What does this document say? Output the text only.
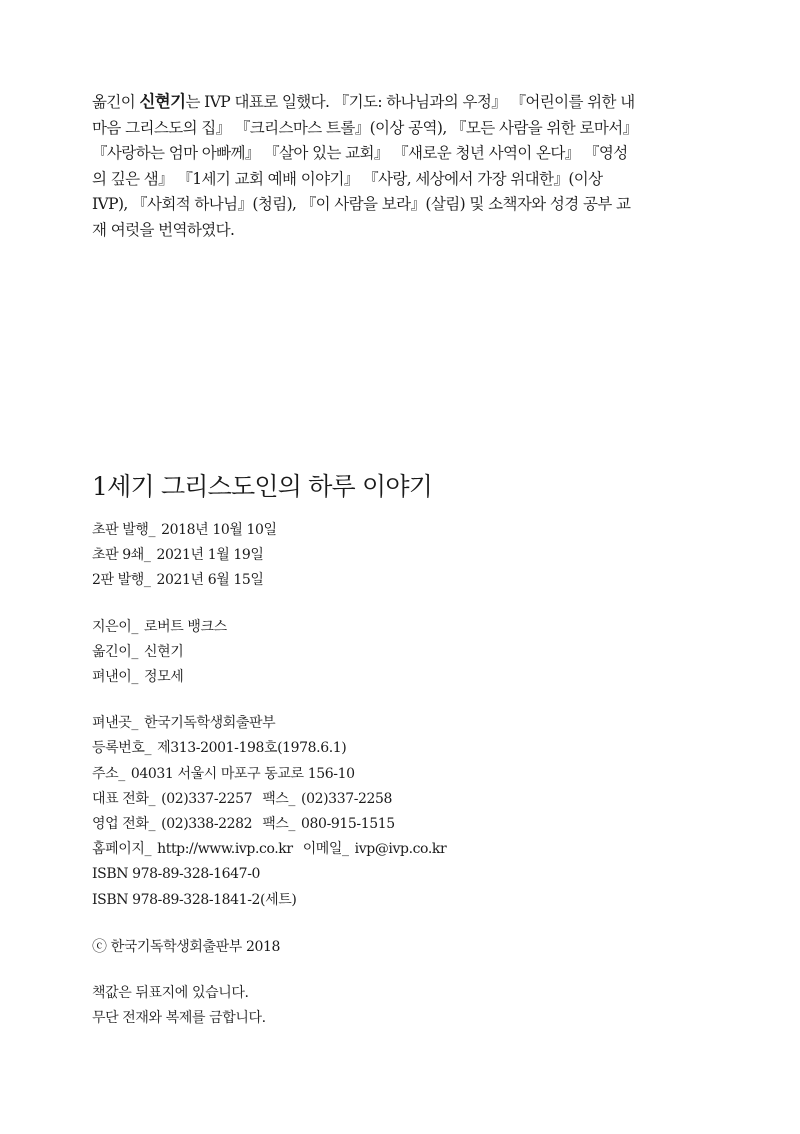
옮긴이 신현기는 IVP 대표로 일했다. 『기도: 하나님과의 우정』 『어린이를 위한 내 마음 그리스도의 집』 『크리스마스 트롤』(이상 공역), 『모든 사람을 위한 로마서』 『사랑하는 엄마 아빠께』 『살아 있는 교회』 『새로운 청년 사역이 온다』 『영성의 깊은 샘』 『1세기 교회 예배 이야기』 『사랑, 세상에서 가장 위대한』(이상 IVP), 『사회적 하나님』(청림), 『이 사람을 보라』(살림) 및 소책자와 성경 공부 교재 여럿을 번역하였다.

1세기 그리스도인의 하루 이야기
초판 발행_ 2018년 10월 10일
초판 9쇄_ 2021년 1월 19일
2판 발행_ 2021년 6월 15일
지은이_ 로버트 뱅크스
옮긴이_ 신현기
펴낸이_ 정모세
펴낸곳_ 한국기독학생회출판부
등록번호_ 제313-2001-198호(1978.6.1)
주소_ 04031 서울시 마포구 동교로 156-10
대표 전화_ (02)337-2257 팩스_ (02)337-2258
영업 전화_ (02)338-2282 팩스_ 080-915-1515
홈페이지_ http://www.ivp.co.kr 이메일_ ivp@ivp.co.kr
ISBN 978-89-328-1647-0
ISBN 978-89-328-1841-2(세트)
ⓒ 한국기독학생회출판부 2018
책값은 뒤표지에 있습니다.
무단 전재와 복제를 금합니다.
